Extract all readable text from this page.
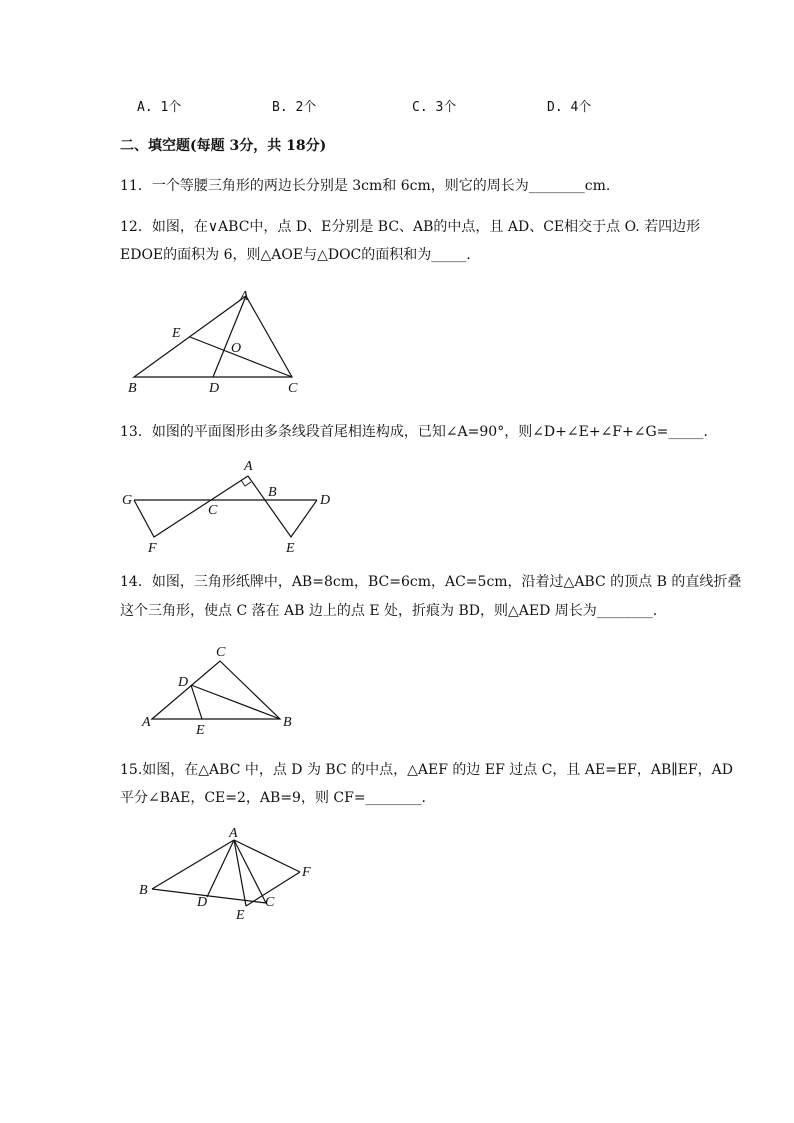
A. 1个	B. 2个	C. 3个	D. 4个
二、填空题(每题 3分，共 18分)
11．一个等腰三角形的两边长分别是 3cm和 6cm，则它的周长为________cm.
12．如图，在∨ABC中，点 D、E分别是 BC、AB的中点，且 AD、CE相交于点 O. 若四边形
EDOE的面积为 6，则△AOE与△DOC的面积和为_____.
A
E
O
B	D	C
13．如图的平面图形由多条线段首尾相连构成，已知∠A=90°，则∠D+∠E+∠F+∠G=_____.
A
B
G
C
D
F	E
14．如图，三角形纸牌中，AB=8cm，BC=6cm，AC=5cm，沿着过△ABC 的顶点 B 的直线折叠
这个三角形，使点 C 落在 AB 边上的点 E 处，折痕为 BD，则△AED 周长为________.
C
D
A
E
B
15.如图，在△ABC 中，点 D 为 BC 的中点，△AEF 的边 EF 过点 C，且 AE=EF，AB∥EF，AD
平分∠BAE，CE=2，AB=9，则 CF=________.
A
F
B
D	C
E
